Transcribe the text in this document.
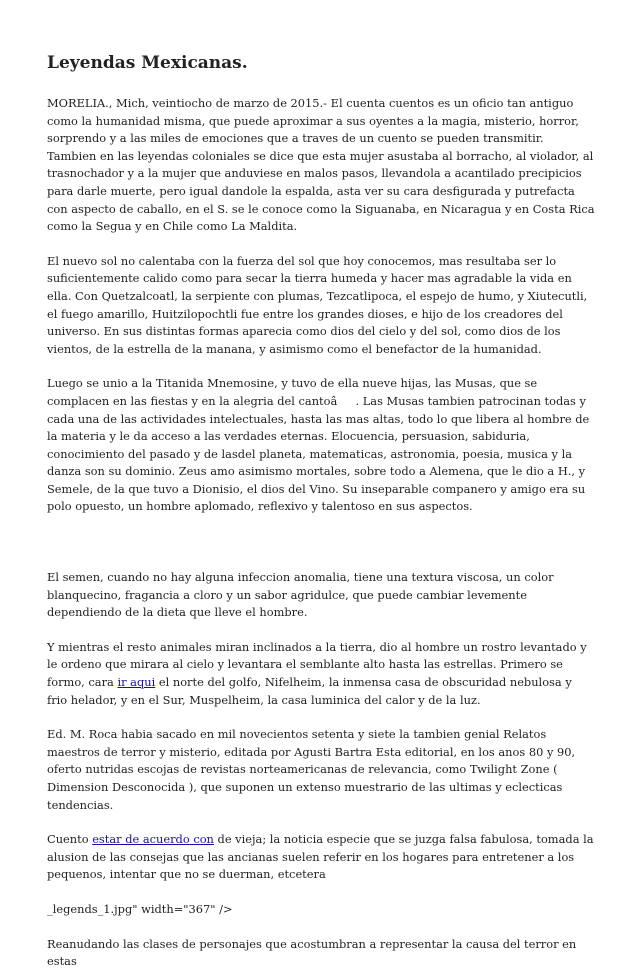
Leyendas Mexicanas.

MORELIA., Mich, veintiocho de marzo de 2015.- El cuenta cuentos es un oficio tan antiguo como la humanidad misma, que puede aproximar a sus oyentes a la magia, misterio, horror, sorprendo y a las miles de emociones que a traves de un cuento se pueden transmitir. Tambien en las leyendas coloniales se dice que esta mujer asustaba al borracho, al violador, al trasnochador y a la mujer que anduviese en malos pasos, llevandola a acantilado precipicios para darle muerte, pero igual dandole la espalda, asta ver su cara desfigurada y putrefacta con aspecto de caballo, en el S. se le conoce como la Siguanaba, en Nicaragua y en Costa Rica como la Segua y en Chile como La Maldita.

El nuevo sol no calentaba con la fuerza del sol que hoy conocemos, mas resultaba ser lo suficientemente calido como para secar la tierra humeda y hacer mas agradable la vida en ella. Con Quetzalcoatl, la serpiente con plumas, Tezcatlipoca, el espejo de humo, y Xiutecutli, el fuego amarillo, Huitzilopochtli fue entre los grandes dioses, e hijo de los creadores del universo. En sus distintas formas aparecia como dios del cielo y del sol, como dios de los vientos, de la estrella de la manana, y asimismo como el benefactor de la humanidad.

Luego se unio a la Titanida Mnemosine, y tuvo de ella nueve hijas, las Musas, que se complacen en las fiestas y en la alegria del cantoâ. Las Musas tambien patrocinan todas y cada una de las actividades intelectuales, hasta las mas altas, todo lo que libera al hombre de la materia y le da acceso a las verdades eternas. Elocuencia, persuasion, sabiduria, conocimiento del pasado y de lasdel planeta, matematicas, astronomia, poesia, musica y la danza son su dominio. Zeus amo asimismo mortales, sobre todo a Alemena, que le dio a H., y Semele, de la que tuvo a Dionisio, el dios del Vino. Su inseparable companero y amigo era su polo opuesto, un hombre aplomado, reflexivo y talentoso en sus aspectos.

El semen, cuando no hay alguna infeccion anomalia, tiene una textura viscosa, un color blanquecino, fragancia a cloro y un sabor agridulce, que puede cambiar levemente dependiendo de la dieta que lleve el hombre.

Y mientras el resto animales miran inclinados a la tierra, dio al hombre un rostro levantado y le ordeno que mirara al cielo y levantara el semblante alto hasta las estrellas. Primero se formo, cara ir aqui el norte del golfo, Nifelheim, la inmensa casa de obscuridad nebulosa y frio helador, y en el Sur, Muspelheim, la casa luminica del calor y de la luz.

Ed. M. Roca habia sacado en mil novecientos setenta y siete la tambien genial Relatos maestros de terror y misterio, editada por Agusti Bartra Esta editorial, en los anos 80 y 90, oferto nutridas escojas de revistas norteamericanas de relevancia, como Twilight Zone ( Dimension Desconocida ), que suponen un extenso muestrario de las ultimas y eclecticas tendencias.

Cuento estar de acuerdo con de vieja; la noticia especie que se juzga falsa fabulosa, tomada la alusion de las consejas que las ancianas suelen referir en los hogares para entretener a los pequenos, intentar que no se duerman, etcetera

_legends_1.jpg" width="367" />

Reanudando las clases de personajes que acostumbran a representar la causa del terror en estas
